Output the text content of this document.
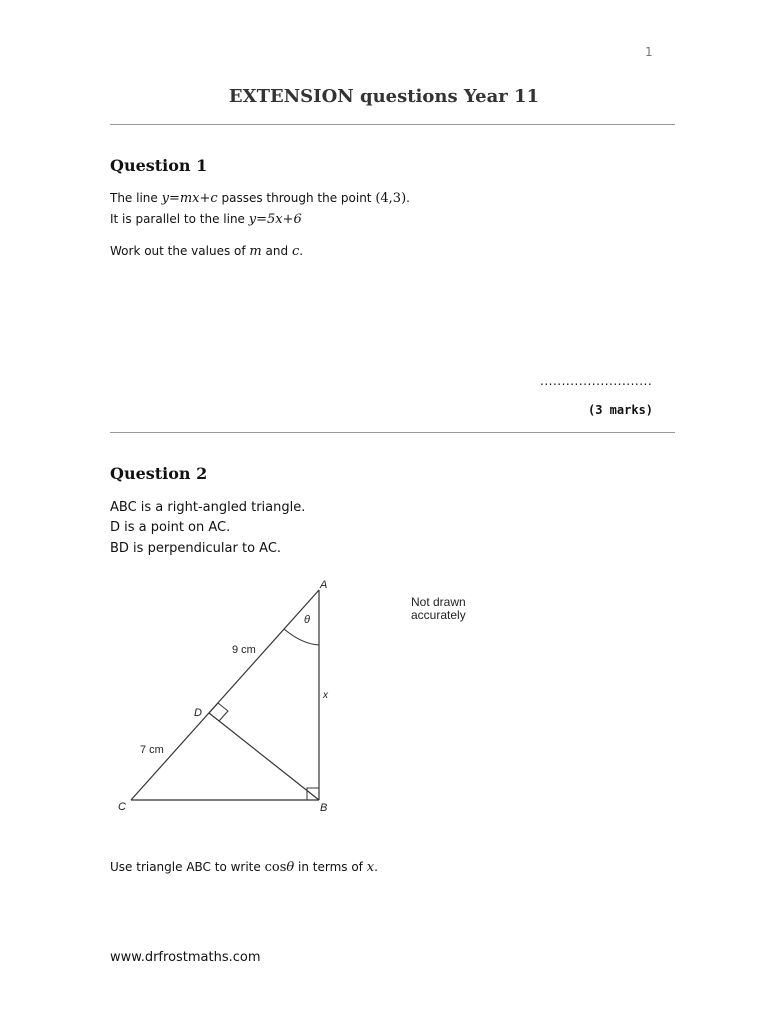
1
EXTENSION questions Year 11
Question 1
The line y=mx+c passes through the point (4,3).
It is parallel to the line y=5x+6
Work out the values of m and c.
..........................
(3 marks)
Question 2
ABC is a right-angled triangle.
D is a point on AC.
BD is perpendicular to AC.
A
B
C
D
θ
x
9 cm
7 cm
Not drawn
accurately
Use triangle ABC to write cosθ in terms of x.
www.drfrostmaths.com
